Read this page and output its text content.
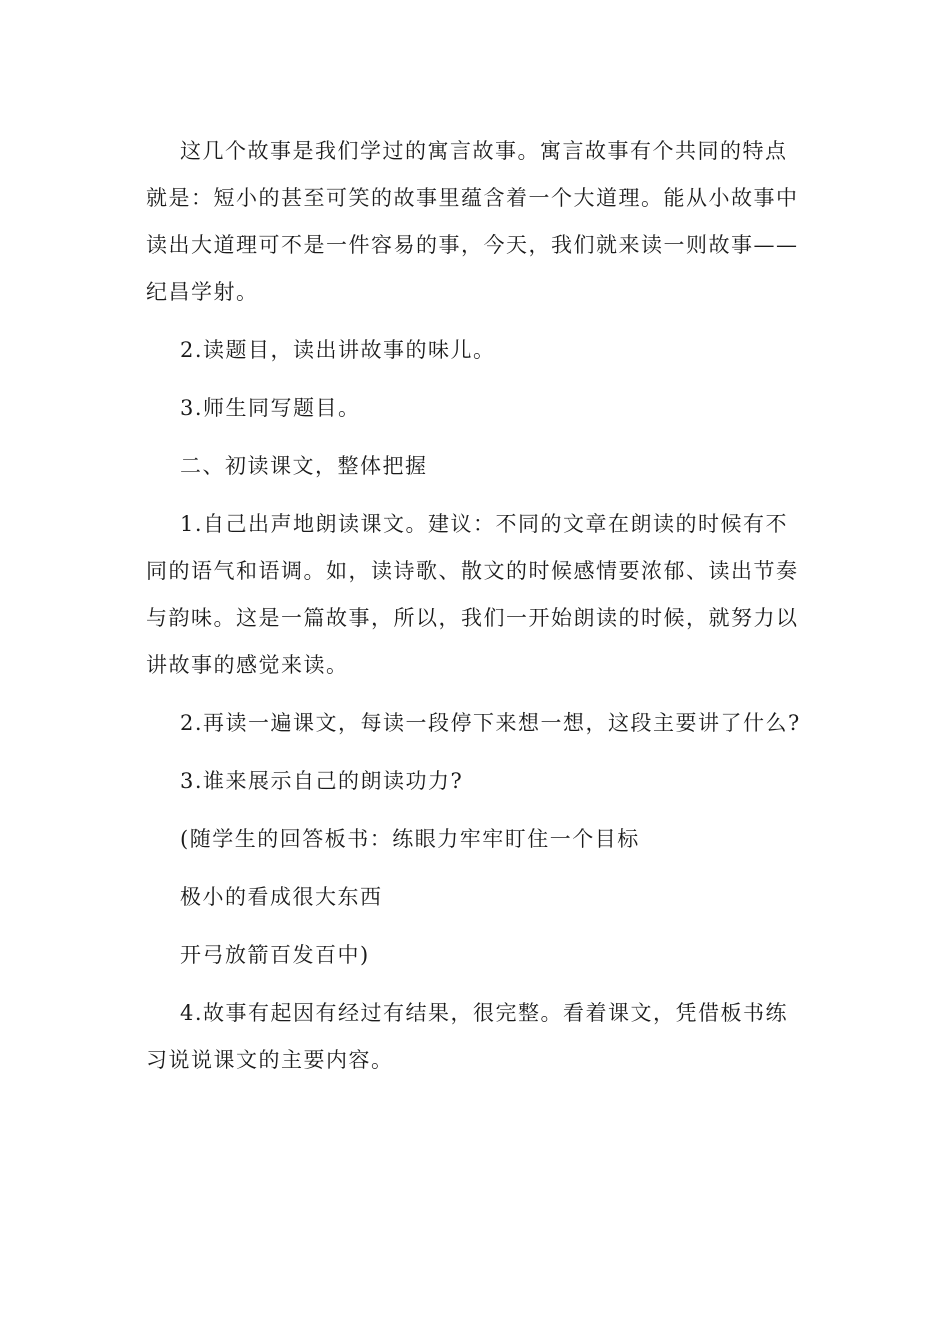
这几个故事是我们学过的寓言故事。寓言故事有个共同的特点就是：短小的甚至可笑的故事里蕴含着一个大道理。能从小故事中读出大道理可不是一件容易的事，今天，我们就来读一则故事——纪昌学射。

2.读题目，读出讲故事的味儿。

3.师生同写题目。

二、初读课文，整体把握

1.自己出声地朗读课文。建议：不同的文章在朗读的时候有不同的语气和语调。如，读诗歌、散文的时候感情要浓郁、读出节奏与韵味。这是一篇故事，所以，我们一开始朗读的时候，就努力以讲故事的感觉来读。

2.再读一遍课文，每读一段停下来想一想，这段主要讲了什么?

3.谁来展示自己的朗读功力?

(随学生的回答板书：练眼力牢牢盯住一个目标

极小的看成很大东西

开弓放箭百发百中)

4.故事有起因有经过有结果，很完整。看着课文，凭借板书练习说说课文的主要内容。
